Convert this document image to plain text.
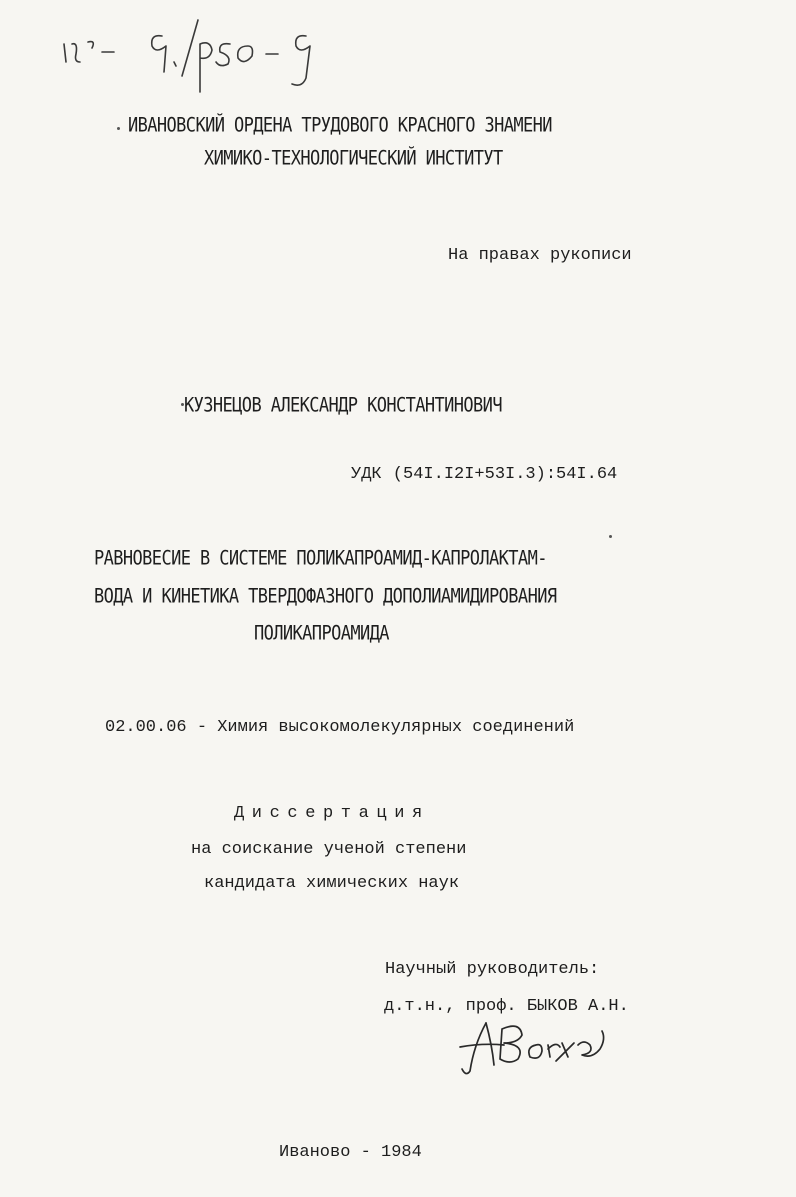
ИВАНОВСКИЙ ОРДЕНА ТРУДОВОГО КРАСНОГО ЗНАМЕНИ

ХИМИКО-ТЕХНОЛОГИЧЕСКИЙ ИНСТИТУТ

На правах рукописи

КУЗНЕЦОВ АЛЕКСАНДР КОНСТАНТИНОВИЧ

УДК (54I.I2I+53I.3):54I.64

РАВНОВЕСИЕ В СИСТЕМЕ ПОЛИКАПРОАМИД-КАПРОЛАКТАМ-

ВОДА И КИНЕТИКА ТВЕРДОФАЗНОГО ДОПОЛИАМИДИРОВАНИЯ

ПОЛИКАПРОАМИДА

02.00.06 - Химия высокомолекулярных соединений

Диссертация

на соискание ученой степени

кандидата химических наук

Научный руководитель:

д.т.н., проф. БЫКОВ А.Н.

Иваново - 1984
